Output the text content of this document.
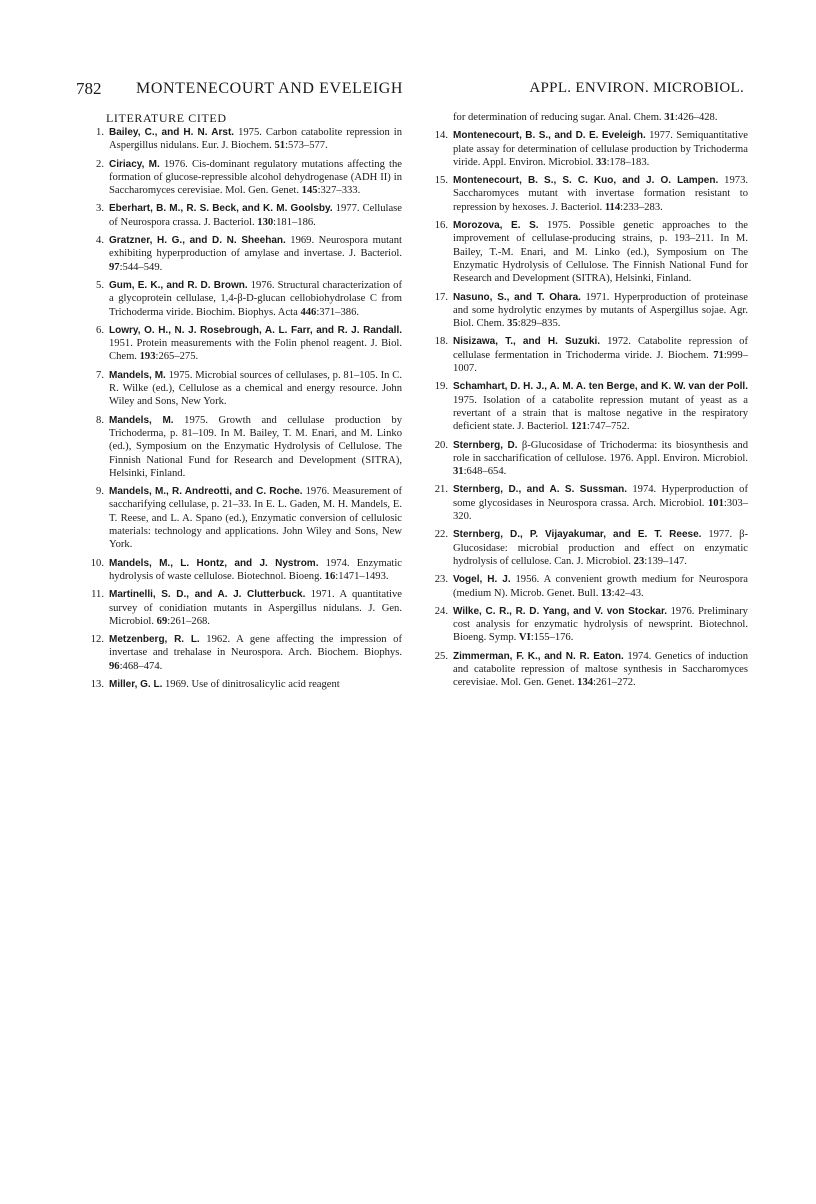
782 MONTENECOURT AND EVELEIGH	APPL. ENVIRON. MICROBIOL.
LITERATURE CITED
1 . Bailey, C., and H. N. Arst. 1975. Carbon catabolite repression in Aspergillus nidulans. Eur. J. Biochem. 51:573–577.
2 . Ciriacy, M. 1976. Cis-dominant regulatory mutations affecting the formation of glucose-repressible alcohol dehydrogenase (ADH II) in Saccharomyces cerevisiae. Mol. Gen. Genet. 145:327–333.
3 . Eberhart, B. M., R. S. Beck, and K. M. Goolsby. 1977. Cellulase of Neurospora crassa. J. Bacteriol. 130:181–186.
4 . Gratzner, H. G., and D. N. Sheehan. 1969. Neurospora mutant exhibiting hyperproduction of amylase and invertase. J. Bacteriol. 97:544–549.
5 . Gum, E. K., and R. D. Brown. 1976. Structural characterization of a glycoprotein cellulase, 1,4-β-D-glucan cellobiohydrolase C from Trichoderma viride. Biochim. Biophys. Acta 446:371–386.
6 . Lowry, O. H., N. J. Rosebrough, A. L. Farr, and R. J. Randall. 1951. Protein measurements with the Folin phenol reagent. J. Biol. Chem. 193:265–275.
7 . Mandels, M. 1975. Microbial sources of cellulases, p. 81–105. In C. R. Wilke (ed.), Cellulose as a chemical and energy resource. John Wiley and Sons, New York.
8 . Mandels, M. 1975. Growth and cellulase production by Trichoderma, p. 81–109. In M. Bailey, T. M. Enari, and M. Linko (ed.), Symposium on the Enzymatic Hydrolysis of Cellulose. The Finnish National Fund for Research and Development (SITRA), Helsinki, Finland.
9 . Mandels, M., R. Andreotti, and C. Roche. 1976. Measurement of saccharifying cellulase, p. 21–33. In E. L. Gaden, M. H. Mandels, E. T. Reese, and L. A. Spano (ed.), Enzymatic conversion of cellulosic materials: technology and applications. John Wiley and Sons, New York.
10 . Mandels, M., L. Hontz, and J. Nystrom. 1974. Enzymatic hydrolysis of waste cellulose. Biotechnol. Bioeng. 16:1471–1493.
11 . Martinelli, S. D., and A. J. Clutterbuck. 1971. A quantitative survey of conidiation mutants in Aspergillus nidulans. J. Gen. Microbiol. 69:261–268.
12 . Metzenberg, R. L. 1962. A gene affecting the impression of invertase and trehalase in Neurospora. Arch. Biochem. Biophys. 96:468–474.
13 . Miller, G. L. 1969. Use of dinitrosalicylic acid reagent
for determination of reducing sugar. Anal. Chem. 31:426–428.
14 . Montenecourt, B. S., and D. E. Eveleigh. 1977. Semiquantitative plate assay for determination of cellulase production by Trichoderma viride. Appl. Environ. Microbiol. 33:178–183.
15 . Montenecourt, B. S., S. C. Kuo, and J. O. Lampen. 1973. Saccharomyces mutant with invertase formation resistant to repression by hexoses. J. Bacteriol. 114:233–283.
16 . Morozova, E. S. 1975. Possible genetic approaches to the improvement of cellulase-producing strains, p. 193–211. In M. Bailey, T.-M. Enari, and M. Linko (ed.), Symposium on The Enzymatic Hydrolysis of Cellulose. The Finnish National Fund for Research and Development (SITRA), Helsinki, Finland.
17 . Nasuno, S., and T. Ohara. 1971. Hyperproduction of proteinase and some hydrolytic enzymes by mutants of Aspergillus sojae. Agr. Biol. Chem. 35:829–835.
18 . Nisizawa, T., and H. Suzuki. 1972. Catabolite repression of cellulase fermentation in Trichoderma viride. J. Biochem. 71:999–1007.
19 . Schamhart, D. H. J., A. M. A. ten Berge, and K. W. van der Poll. 1975. Isolation of a catabolite repression mutant of yeast as a revertant of a strain that is maltose negative in the respiratory deficient state. J. Bacteriol. 121:747–752.
20 . Sternberg, D. β-Glucosidase of Trichoderma: its biosynthesis and role in saccharification of cellulose. 1976. Appl. Environ. Microbiol. 31:648–654.
21 . Sternberg, D., and A. S. Sussman. 1974. Hyperproduction of some glycosidases in Neurospora crassa. Arch. Microbiol. 101:303–320.
22 . Sternberg, D., P. Vijayakumar, and E. T. Reese. 1977. β-Glucosidase: microbial production and effect on enzymatic hydrolysis of cellulose. Can. J. Microbiol. 23:139–147.
23 . Vogel, H. J. 1956. A convenient growth medium for Neurospora (medium N). Microb. Genet. Bull. 13:42–43.
24 . Wilke, C. R., R. D. Yang, and V. von Stockar. 1976. Preliminary cost analysis for enzymatic hydrolysis of newsprint. Biotechnol. Bioeng. Symp. VI:155–176.
25 . Zimmerman, F. K., and N. R. Eaton. 1974. Genetics of induction and catabolite repression of maltose synthesis in Saccharomyces cerevisiae. Mol. Gen. Genet. 134:261–272.
